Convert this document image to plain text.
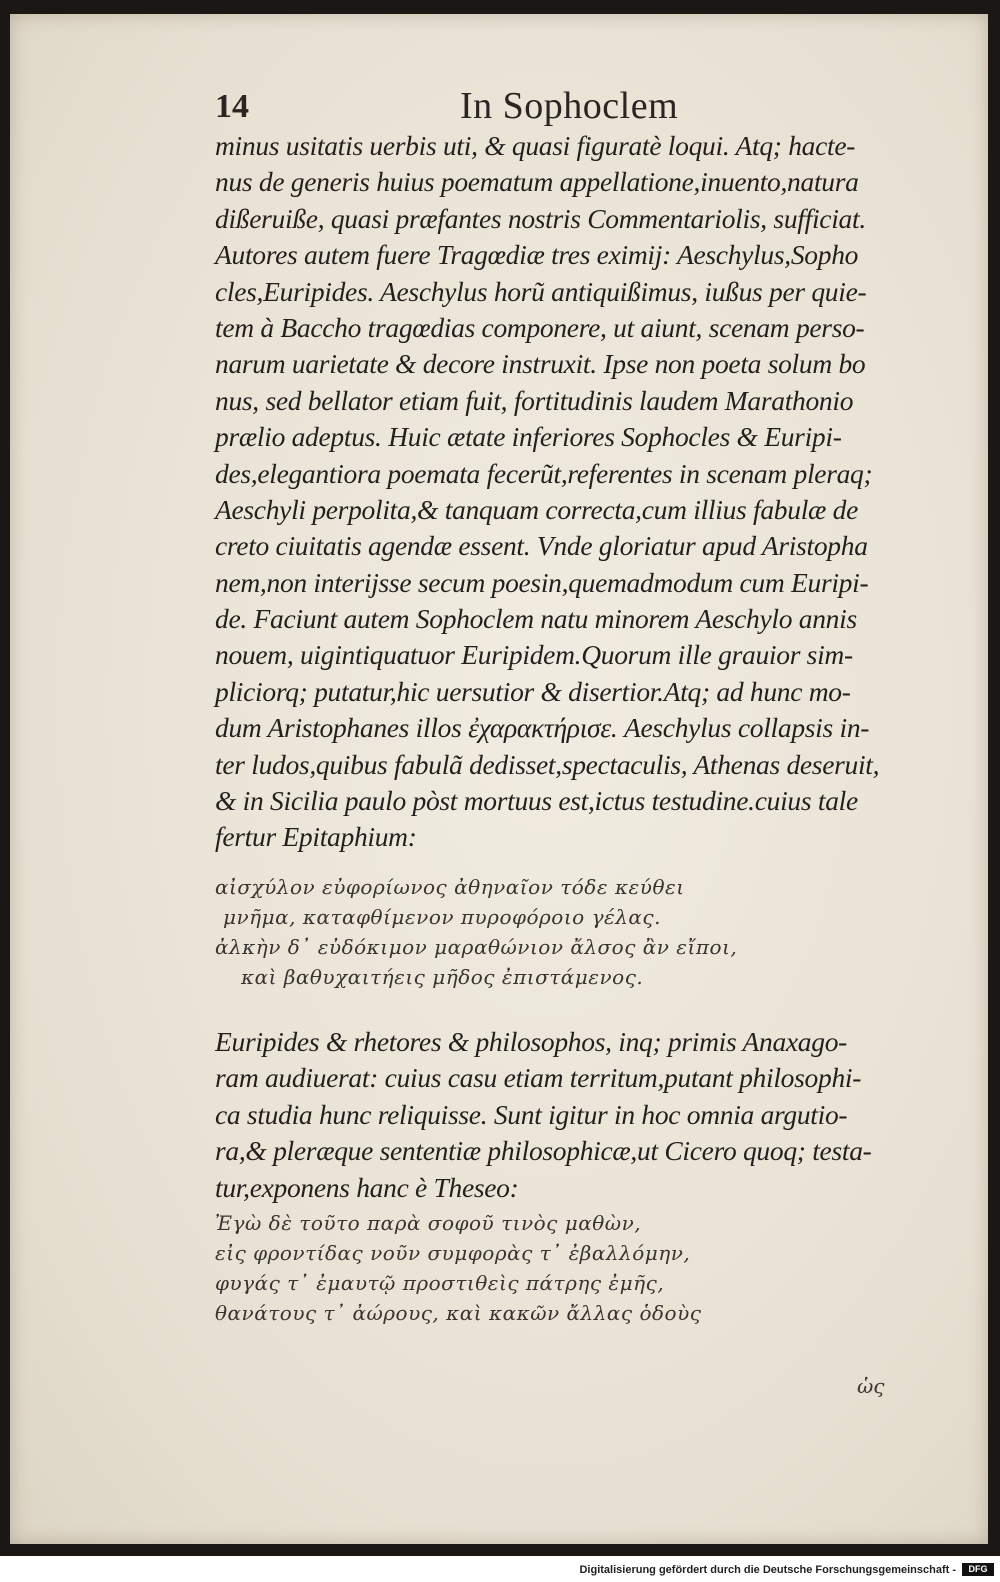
14	In Sophoclem
minus usitatis uerbis uti, & quasi figuratè loqui. Atq; hacte-
nus de generis huius poematum appellatione,inuento,natura
dißeruiße, quasi præfantes nostris Commentariolis, sufficiat.
Autores autem fuere Tragœdiæ tres eximij: Aeschylus,Sopho
cles,Euripides. Aeschylus horũ antiquißimus, iußus per quie-
tem à Baccho tragœdias componere, ut aiunt, scenam perso-
narum uarietate & decore instruxit. Ipse non poeta solum bo
nus, sed bellator etiam fuit, fortitudinis laudem Marathonio
prælio adeptus. Huic ætate inferiores Sophocles & Euripi-
des,elegantiora poemata fecerũt,referentes in scenam pleraq;
Aeschyli perpolita,& tanquam correcta,cum illius fabulæ de
creto ciuitatis agendæ essent. Vnde gloriatur apud Aristopha
nem,non interijsse secum poesin,quemadmodum cum Euripi-
de. Faciunt autem Sophoclem natu minorem Aeschylo annis
nouem, uigintiquatuor Euripidem.Quorum ille grauior sim-
pliciorq; putatur,hic uersutior & disertior.Atq; ad hunc mo-
dum Aristophanes illos ἐχαρακτήρισε. Aeschylus collapsis in-
ter ludos,quibus fabulã dedisset,spectaculis, Athenas deseruit,
& in Sicilia paulo pòst mortuus est,ictus testudine.cuius tale
fertur Epitaphium:
αἰσχύλον εὐφορίωνος ἀθηναῖον τόδε κεύθει
μνῆμα, καταφθίμενον πυροφόροιο γέλας.
ἀλκὴν δ᾽ εὐδόκιμον μαραθώνιον ἄλσος ἂν εἴποι,
καὶ βαθυχαιτήεις μῆδος ἐπιστάμενος.
Euripides & rhetores & philosophos, inq; primis Anaxago-
ram audiuerat: cuius casu etiam territum,putant philosophi-
ca studia hunc reliquisse. Sunt igitur in hoc omnia argutio-
ra,& pleræque sententiæ philosophicæ,ut Cicero quoq; testa-
tur,exponens hanc è Theseo:
Ἐγὼ δὲ τοῦτο παρὰ σοφοῦ τινὸς μαθὼν,
εἰς φροντίδας νοῦν συμφορὰς τ᾽ ἐβαλλόμην,
φυγάς τ᾽ ἐμαυτῷ προστιθεὶς πάτρης ἐμῆς,
θανάτους τ᾽ ἀώρους, καὶ κακῶν ἄλλας ὁδοὺς
ὡς
Digitalisierung gefördert durch die Deutsche Forschungsgemeinschaft -	DFG
